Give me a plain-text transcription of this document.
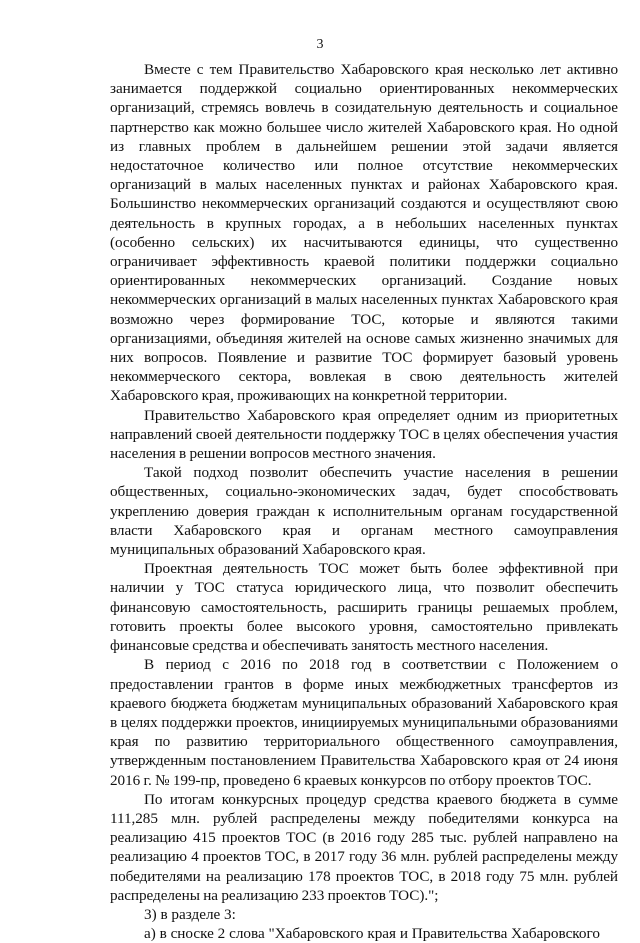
3

Вместе с тем Правительство Хабаровского края несколько лет активно занимается поддержкой социально ориентированных некоммерческих организаций, стремясь вовлечь в созидательную деятельность и социальное партнерство как можно большее число жителей Хабаровского края. Но одной из главных проблем в дальнейшем решении этой задачи является недостаточное количество или полное отсутствие некоммерческих организаций в малых населенных пунктах и районах Хабаровского края. Большинство некоммерческих организаций создаются и осуществляют свою деятельность в крупных городах, а в небольших населенных пунктах (особенно сельских) их насчитываются единицы, что существенно ограничивает эффективность краевой политики поддержки социально ориентированных некоммерческих организаций. Создание новых некоммерческих организаций в малых населенных пунктах Хабаровского края возможно через формирование ТОС, которые и являются такими организациями, объединяя жителей на основе самых жизненно значимых для них вопросов. Появление и развитие ТОС формирует базовый уровень некоммерческого сектора, вовлекая в свою деятельность жителей Хабаровского края, проживающих на конкретной территории.

Правительство Хабаровского края определяет одним из приоритетных направлений своей деятельности поддержку ТОС в целях обеспечения участия населения в решении вопросов местного значения.

Такой подход позволит обеспечить участие населения в решении общественных, социально-экономических задач, будет способствовать укреплению доверия граждан к исполнительным органам государственной власти Хабаровского края и органам местного самоуправления муниципальных образований Хабаровского края.

Проектная деятельность ТОС может быть более эффективной при наличии у ТОС статуса юридического лица, что позволит обеспечить финансовую самостоятельность, расширить границы решаемых проблем, готовить проекты более высокого уровня, самостоятельно привлекать финансовые средства и обеспечивать занятость местного населения.

В период с 2016 по 2018 год в соответствии с Положением о предоставлении грантов в форме иных межбюджетных трансфертов из краевого бюджета бюджетам муниципальных образований Хабаровского края в целях поддержки проектов, инициируемых муниципальными образованиями края по развитию территориального общественного самоуправления, утвержденным постановлением Правительства Хабаровского края от 24 июня 2016 г. № 199-пр, проведено 6 краевых конкурсов по отбору проектов ТОС.

По итогам конкурсных процедур средства краевого бюджета в сумме 111,285 млн. рублей распределены между победителями конкурса на реализацию 415 проектов ТОС (в 2016 году 285 тыс. рублей направлено на реализацию 4 проектов ТОС, в 2017 году 36 млн. рублей распределены между победителями на реализацию 178 проектов ТОС, в 2018 году 75 млн. рублей распределены на реализацию 233 проектов ТОС).";

3) в разделе 3:

а) в сноске 2 слова "Хабаровского края и Правительства Хабаровского
